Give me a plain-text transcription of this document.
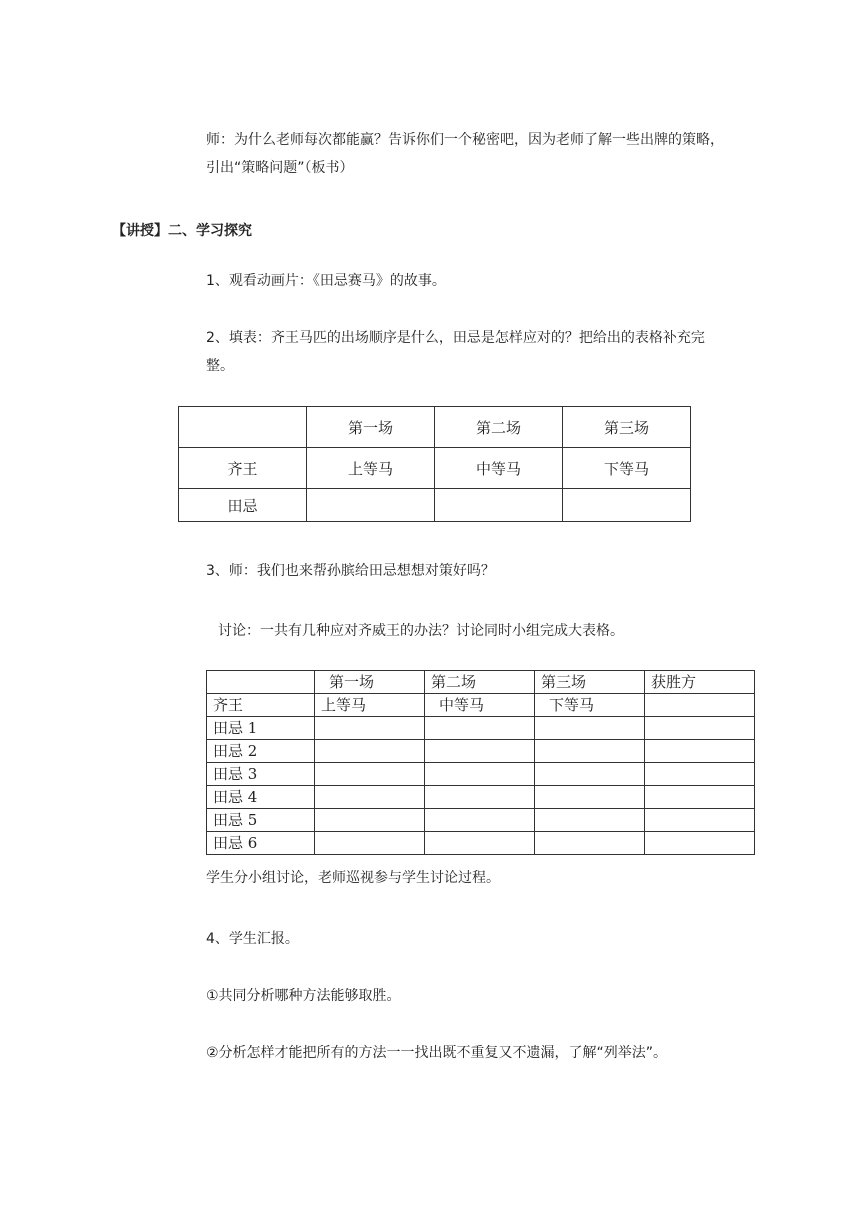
师：为什么老师每次都能赢？告诉你们一个秘密吧，因为老师了解一些出牌的策略，

引出“策略问题”（板书）

【讲授】二、学习探究

1、观看动画片：《田忌赛马》的故事。

2、填表：齐王马匹的出场顺序是什么，田忌是怎样应对的？把给出的表格补充完

整。

	第一场	第二场	第三场
齐王	上等马	中等马	下等马
田忌			

3、师：我们也来帮孙膑给田忌想想对策好吗？

讨论：一共有几种应对齐威王的办法？讨论同时小组完成大表格。

	第一场	第二场	第三场	获胜方
齐王	上等马	中等马	下等马	
田忌 1				
田忌 2				
田忌 3				
田忌 4				
田忌 5				
田忌 6				

学生分小组讨论，老师巡视参与学生讨论过程。

4、学生汇报。

①共同分析哪种方法能够取胜。

②分析怎样才能把所有的方法一一找出既不重复又不遗漏，了解“列举法”。
